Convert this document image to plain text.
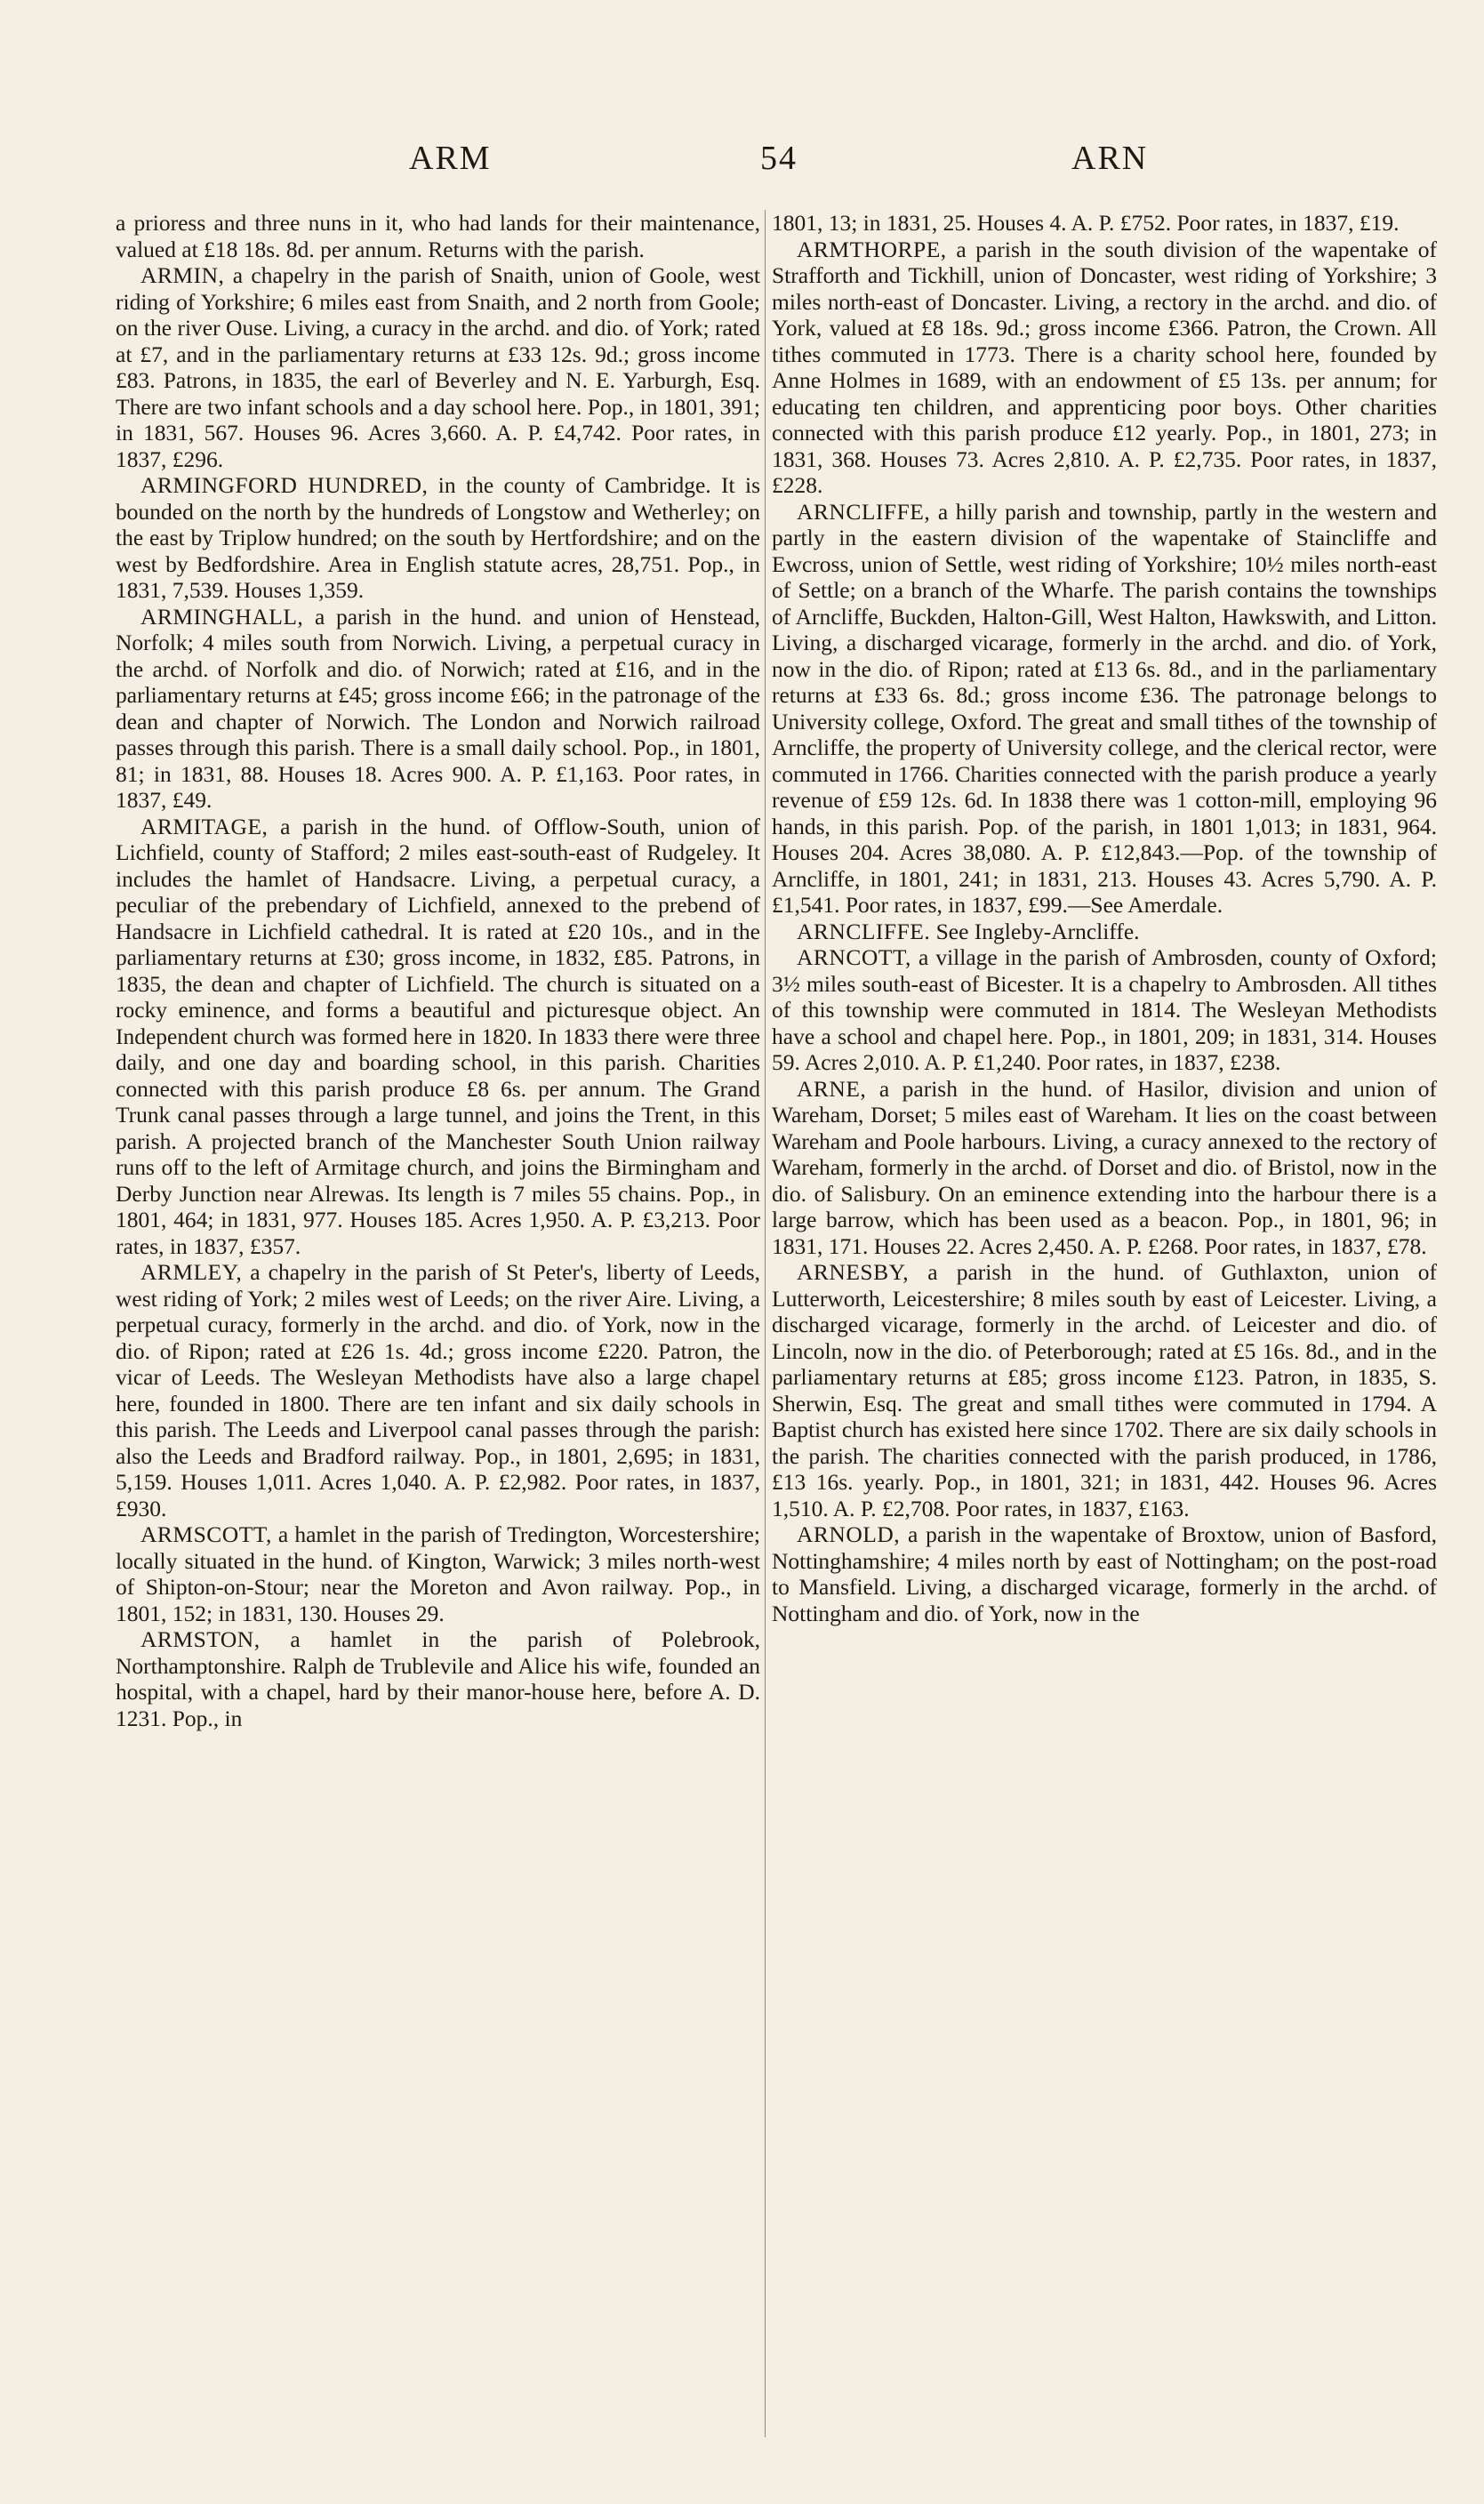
ARM	54	ARN

a prioress and three nuns in it, who had lands for their maintenance, valued at £18 18s. 8d. per annum. Returns with the parish.

ARMIN, a chapelry in the parish of Snaith, union of Goole, west riding of Yorkshire; 6 miles east from Snaith, and 2 north from Goole; on the river Ouse. Living, a curacy in the archd. and dio. of York; rated at £7, and in the parliamentary returns at £33 12s. 9d.; gross income £83. Patrons, in 1835, the earl of Beverley and N. E. Yarburgh, Esq. There are two infant schools and a day school here. Pop., in 1801, 391; in 1831, 567. Houses 96. Acres 3,660. A. P. £4,742. Poor rates, in 1837, £296.

ARMINGFORD HUNDRED, in the county of Cambridge. It is bounded on the north by the hundreds of Longstow and Wetherley; on the east by Triplow hundred; on the south by Hertfordshire; and on the west by Bedfordshire. Area in English statute acres, 28,751. Pop., in 1831, 7,539. Houses 1,359.

ARMINGHALL, a parish in the hund. and union of Henstead, Norfolk; 4 miles south from Norwich. Living, a perpetual curacy in the archd. of Norfolk and dio. of Norwich; rated at £16, and in the parliamentary returns at £45; gross income £66; in the patronage of the dean and chapter of Norwich. The London and Norwich railroad passes through this parish. There is a small daily school. Pop., in 1801, 81; in 1831, 88. Houses 18. Acres 900. A. P. £1,163. Poor rates, in 1837, £49.

ARMITAGE, a parish in the hund. of Offlow-South, union of Lichfield, county of Stafford; 2 miles east-south-east of Rudgeley. It includes the hamlet of Handsacre. Living, a perpetual curacy, a peculiar of the prebendary of Lichfield, annexed to the prebend of Handsacre in Lichfield cathedral. It is rated at £20 10s., and in the parliamentary returns at £30; gross income, in 1832, £85. Patrons, in 1835, the dean and chapter of Lichfield. The church is situated on a rocky eminence, and forms a beautiful and picturesque object. An Independent church was formed here in 1820. In 1833 there were three daily, and one day and boarding school, in this parish. Charities connected with this parish produce £8 6s. per annum. The Grand Trunk canal passes through a large tunnel, and joins the Trent, in this parish. A projected branch of the Manchester South Union railway runs off to the left of Armitage church, and joins the Birmingham and Derby Junction near Alrewas. Its length is 7 miles 55 chains. Pop., in 1801, 464; in 1831, 977. Houses 185. Acres 1,950. A. P. £3,213. Poor rates, in 1837, £357.

ARMLEY, a chapelry in the parish of St Peter's, liberty of Leeds, west riding of York; 2 miles west of Leeds; on the river Aire. Living, a perpetual curacy, formerly in the archd. and dio. of York, now in the dio. of Ripon; rated at £26 1s. 4d.; gross income £220. Patron, the vicar of Leeds. The Wesleyan Methodists have also a large chapel here, founded in 1800. There are ten infant and six daily schools in this parish. The Leeds and Liverpool canal passes through the parish: also the Leeds and Bradford railway. Pop., in 1801, 2,695; in 1831, 5,159. Houses 1,011. Acres 1,040. A. P. £2,982. Poor rates, in 1837, £930.

ARMSCOTT, a hamlet in the parish of Tredington, Worcestershire; locally situated in the hund. of Kington, Warwick; 3 miles north-west of Shipton-on-Stour; near the Moreton and Avon railway. Pop., in 1801, 152; in 1831, 130. Houses 29.

ARMSTON, a hamlet in the parish of Polebrook, Northamptonshire. Ralph de Trublevile and Alice his wife, founded an hospital, with a chapel, hard by their manor-house here, before A. D. 1231. Pop., in

1801, 13; in 1831, 25. Houses 4. A. P. £752. Poor rates, in 1837, £19.

ARMTHORPE, a parish in the south division of the wapentake of Strafforth and Tickhill, union of Doncaster, west riding of Yorkshire; 3 miles north-east of Doncaster. Living, a rectory in the archd. and dio. of York, valued at £8 18s. 9d.; gross income £366. Patron, the Crown. All tithes commuted in 1773. There is a charity school here, founded by Anne Holmes in 1689, with an endowment of £5 13s. per annum; for educating ten children, and apprenticing poor boys. Other charities connected with this parish produce £12 yearly. Pop., in 1801, 273; in 1831, 368. Houses 73. Acres 2,810. A. P. £2,735. Poor rates, in 1837, £228.

ARNCLIFFE, a hilly parish and township, partly in the western and partly in the eastern division of the wapentake of Staincliffe and Ewcross, union of Settle, west riding of Yorkshire; 10½ miles north-east of Settle; on a branch of the Wharfe. The parish contains the townships of Arncliffe, Buckden, Halton-Gill, West Halton, Hawkswith, and Litton. Living, a discharged vicarage, formerly in the archd. and dio. of York, now in the dio. of Ripon; rated at £13 6s. 8d., and in the parliamentary returns at £33 6s. 8d.; gross income £36. The patronage belongs to University college, Oxford. The great and small tithes of the township of Arncliffe, the property of University college, and the clerical rector, were commuted in 1766. Charities connected with the parish produce a yearly revenue of £59 12s. 6d. In 1838 there was 1 cotton-mill, employing 96 hands, in this parish. Pop. of the parish, in 1801 1,013; in 1831, 964. Houses 204. Acres 38,080. A. P. £12,843.—Pop. of the township of Arncliffe, in 1801, 241; in 1831, 213. Houses 43. Acres 5,790. A. P. £1,541. Poor rates, in 1837, £99.—See Amerdale.

ARNCLIFFE. See Ingleby-Arncliffe.

ARNCOTT, a village in the parish of Ambrosden, county of Oxford; 3½ miles south-east of Bicester. It is a chapelry to Ambrosden. All tithes of this township were commuted in 1814. The Wesleyan Methodists have a school and chapel here. Pop., in 1801, 209; in 1831, 314. Houses 59. Acres 2,010. A. P. £1,240. Poor rates, in 1837, £238.

ARNE, a parish in the hund. of Hasilor, division and union of Wareham, Dorset; 5 miles east of Wareham. It lies on the coast between Wareham and Poole harbours. Living, a curacy annexed to the rectory of Wareham, formerly in the archd. of Dorset and dio. of Bristol, now in the dio. of Salisbury. On an eminence extending into the harbour there is a large barrow, which has been used as a beacon. Pop., in 1801, 96; in 1831, 171. Houses 22. Acres 2,450. A. P. £268. Poor rates, in 1837, £78.

ARNESBY, a parish in the hund. of Guthlaxton, union of Lutterworth, Leicestershire; 8 miles south by east of Leicester. Living, a discharged vicarage, formerly in the archd. of Leicester and dio. of Lincoln, now in the dio. of Peterborough; rated at £5 16s. 8d., and in the parliamentary returns at £85; gross income £123. Patron, in 1835, S. Sherwin, Esq. The great and small tithes were commuted in 1794. A Baptist church has existed here since 1702. There are six daily schools in the parish. The charities connected with the parish produced, in 1786, £13 16s. yearly. Pop., in 1801, 321; in 1831, 442. Houses 96. Acres 1,510. A. P. £2,708. Poor rates, in 1837, £163.

ARNOLD, a parish in the wapentake of Broxtow, union of Basford, Nottinghamshire; 4 miles north by east of Nottingham; on the post-road to Mansfield. Living, a discharged vicarage, formerly in the archd. of Nottingham and dio. of York, now in the
